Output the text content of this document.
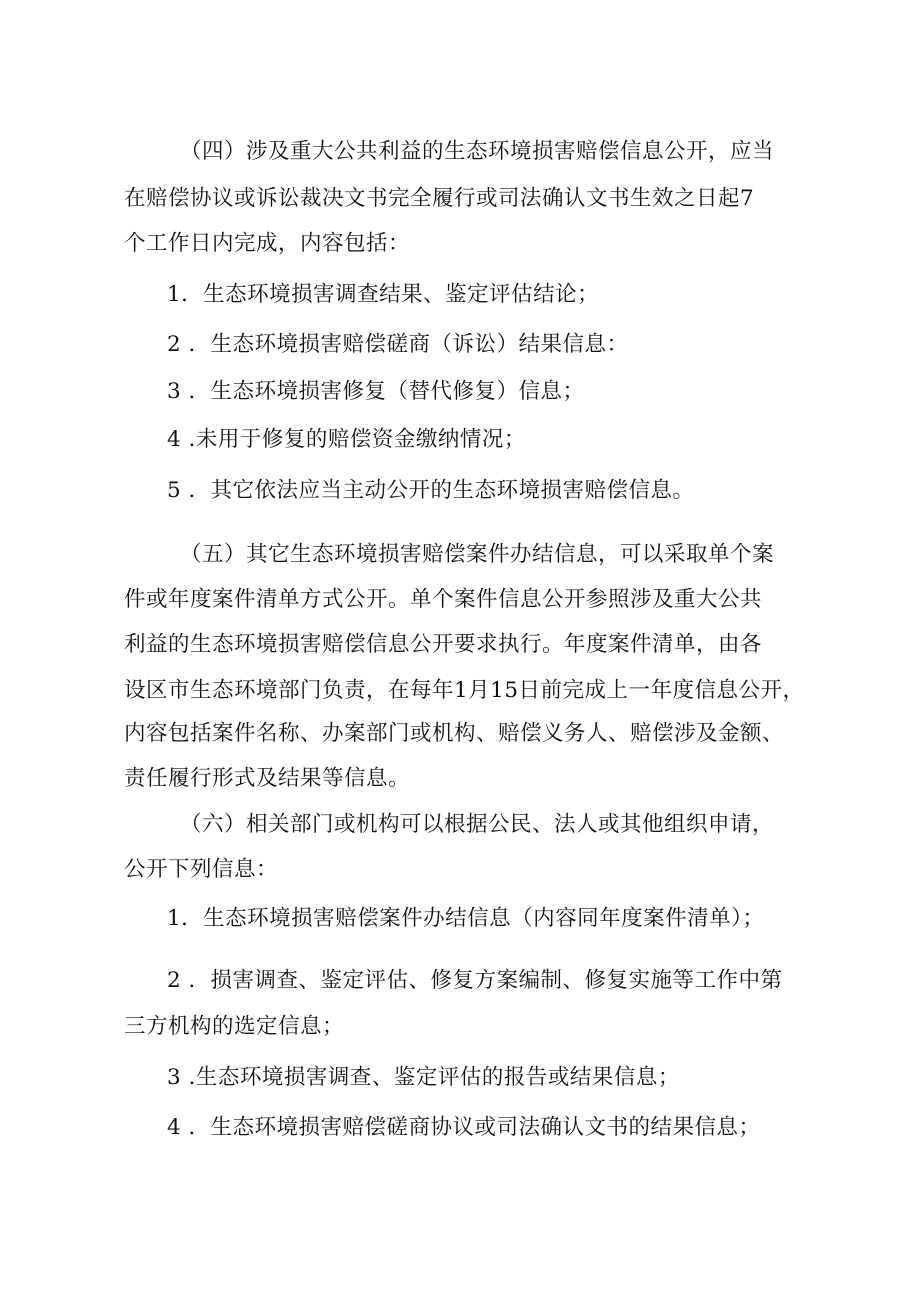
（四）涉及重大公共利益的生态环境损害赔偿信息公开，应当
在赔偿协议或诉讼裁决文书完全履行或司法确认文书生效之日起7
个工作日内完成，内容包括：
1．生态环境损害调查结果、鉴定评估结论；
2 ．生态环境损害赔偿磋商（诉讼）结果信息：
3 ．生态环境损害修复（替代修复）信息；
4 .未用于修复的赔偿资金缴纳情况；
5 ．其它依法应当主动公开的生态环境损害赔偿信息。
（五）其它生态环境损害赔偿案件办结信息，可以采取单个案
件或年度案件清单方式公开。单个案件信息公开参照涉及重大公共
利益的生态环境损害赔偿信息公开要求执行。年度案件清单，由各
设区市生态环境部门负责，在每年1月15日前完成上一年度信息公开，
内容包括案件名称、办案部门或机构、赔偿义务人、赔偿涉及金额、
责任履行形式及结果等信息。
（六）相关部门或机构可以根据公民、法人或其他组织申请，
公开下列信息：
1．生态环境损害赔偿案件办结信息（内容同年度案件清单）；
2 ．损害调查、鉴定评估、修复方案编制、修复实施等工作中第
三方机构的选定信息；
3 .生态环境损害调查、鉴定评估的报告或结果信息；
4 ．生态环境损害赔偿磋商协议或司法确认文书的结果信息；
